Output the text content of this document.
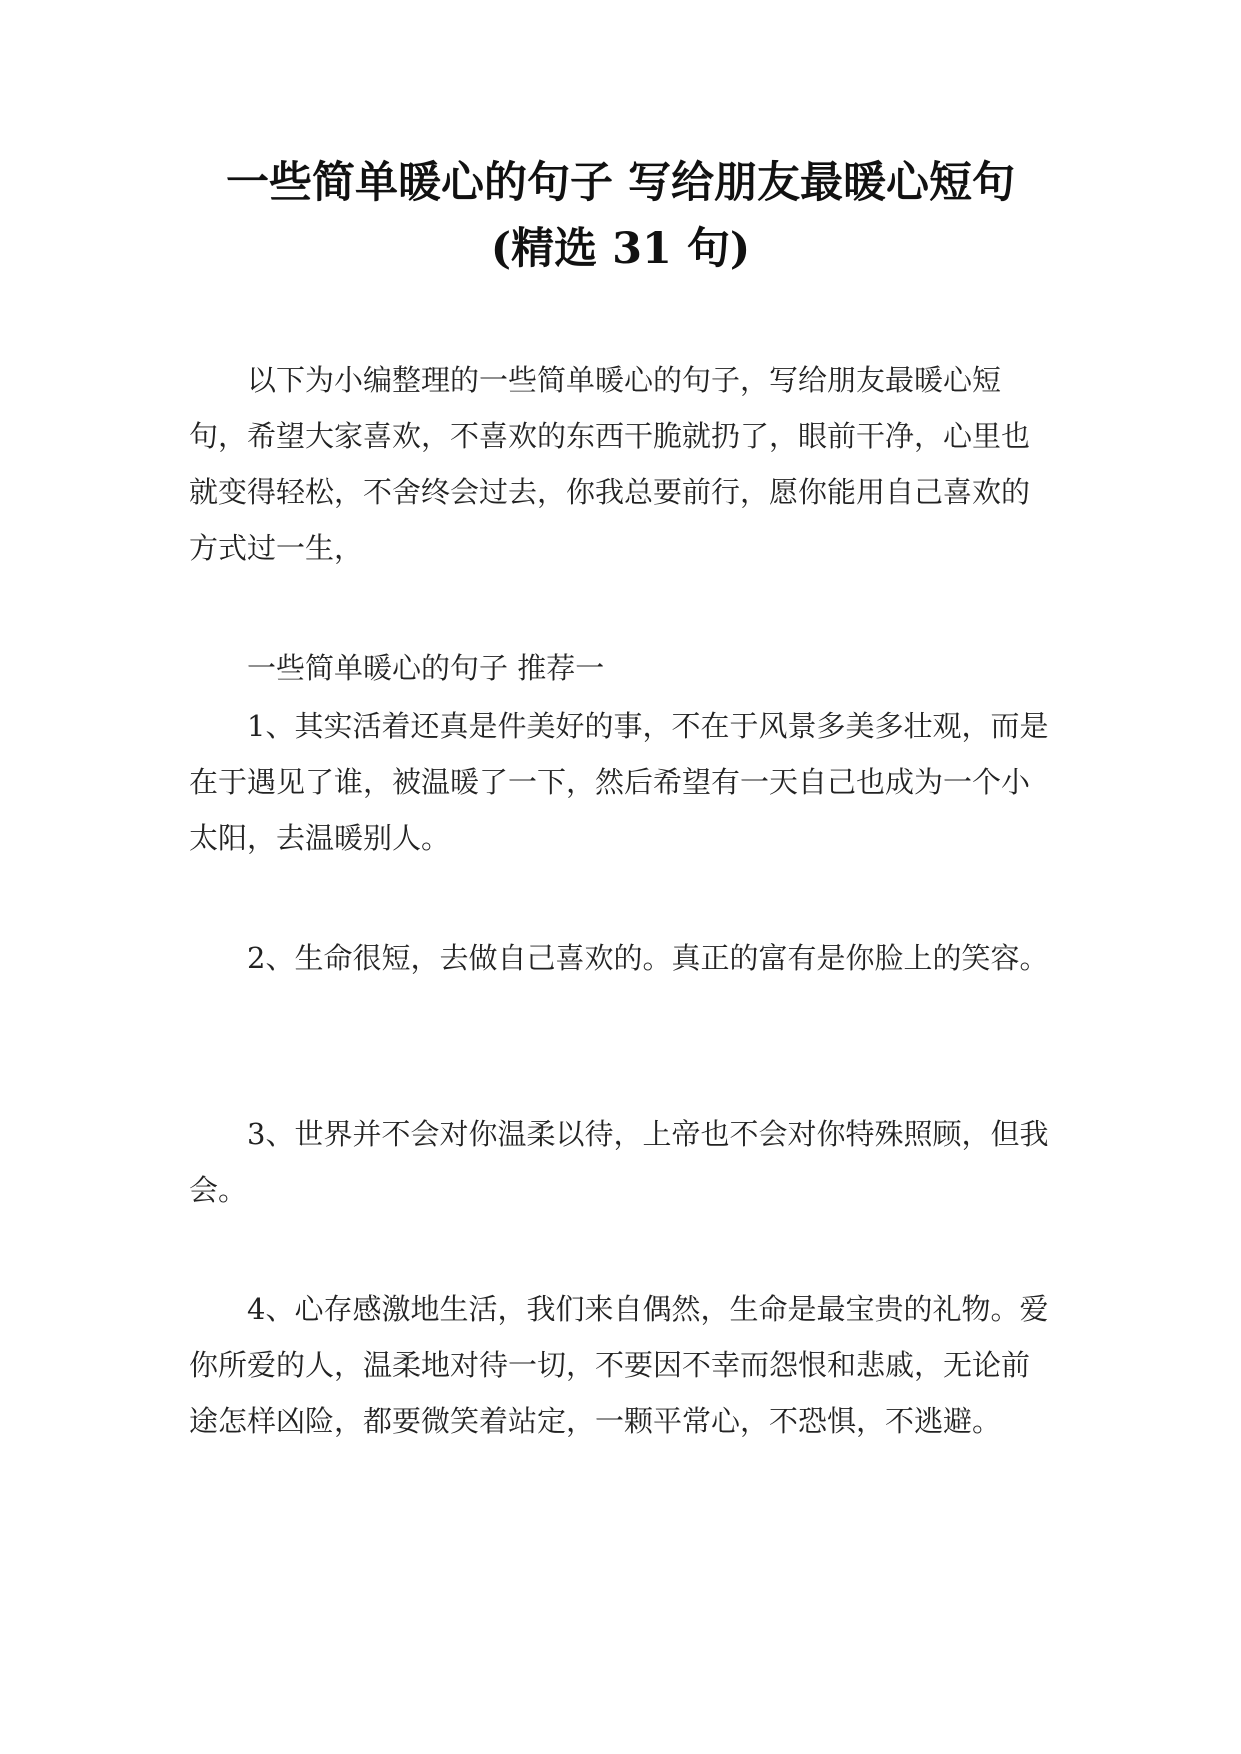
一些简单暖心的句子 写给朋友最暖心短句
(精选 31 句)

以下为小编整理的一些简单暖心的句子，写给朋友最暖心短句，希望大家喜欢，不喜欢的东西干脆就扔了，眼前干净，心里也就变得轻松，不舍终会过去，你我总要前行，愿你能用自己喜欢的方式过一生，

一些简单暖心的句子 推荐一

1、其实活着还真是件美好的事，不在于风景多美多壮观，而是在于遇见了谁，被温暖了一下，然后希望有一天自己也成为一个小太阳，去温暖别人。

2、生命很短，去做自己喜欢的。真正的富有是你脸上的笑容。

3、世界并不会对你温柔以待，上帝也不会对你特殊照顾，但我会。

4、心存感激地生活，我们来自偶然，生命是最宝贵的礼物。爱你所爱的人，温柔地对待一切，不要因不幸而怨恨和悲戚，无论前途怎样凶险，都要微笑着站定，一颗平常心，不恐惧，不逃避。
